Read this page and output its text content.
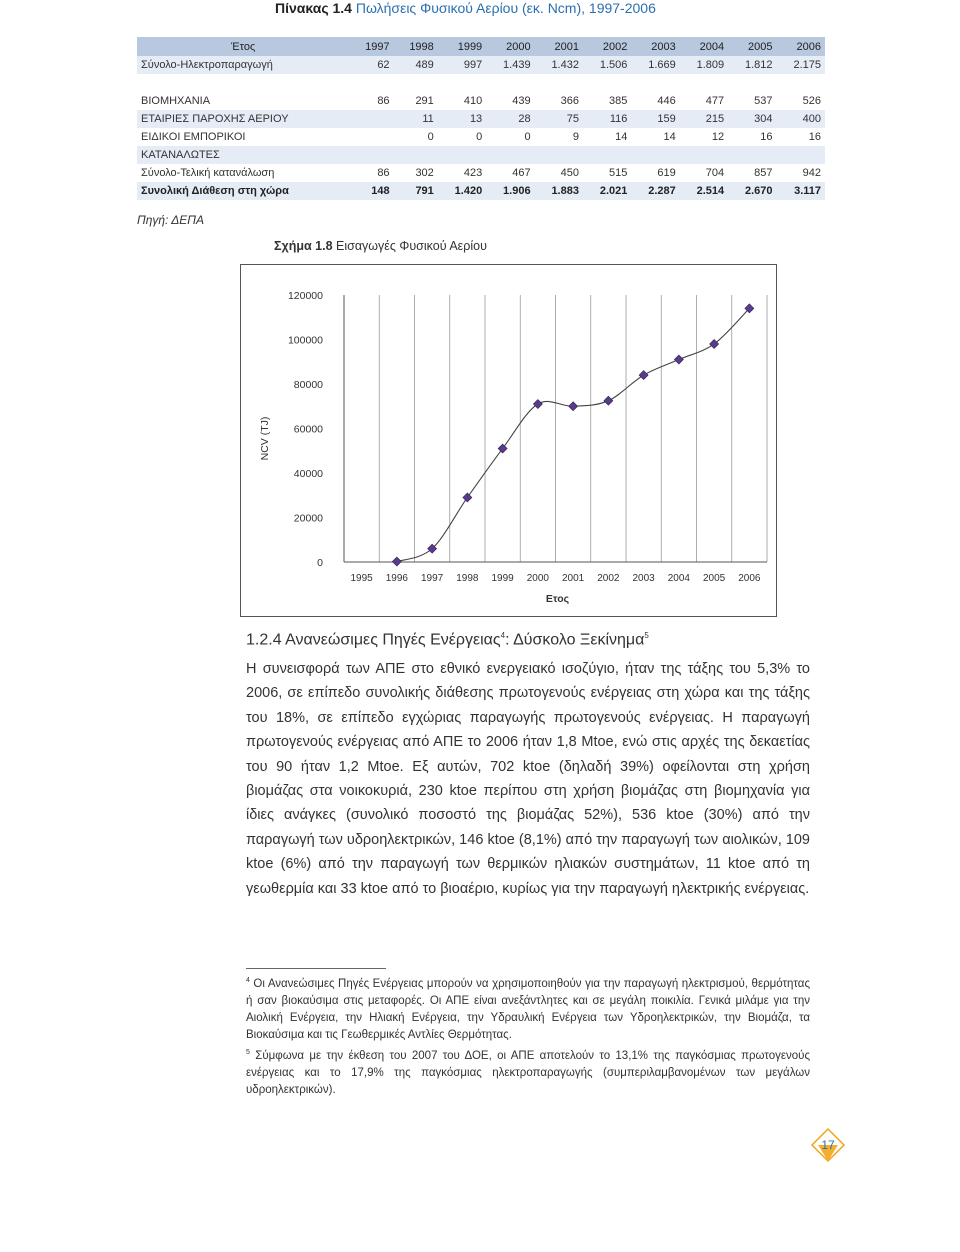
Πίνακας 1.4 Πωλήσεις Φυσικού Αερίου (εκ. Ncm), 1997-2006
Έτος	1997	1998	1999	2000	2001	2002	2003	2004	2005	2006
Σύνολο-Ηλεκτροπαραγωγή	62	489	997	1.439	1.432	1.506	1.669	1.809	1.812	2.175

ΒΙΟΜΗΧΑΝΙΑ	86	291	410	439	366	385	446	477	537	526
ΕΤΑΙΡΙΕΣ ΠΑΡΟΧΗΣ ΑΕΡΙΟΥ		11	13	28	75	116	159	215	304	400
ΕΙΔΙΚΟΙ ΕΜΠΟΡΙΚΟΙ		0	0	0	9	14	14	12	16	16
ΚΑΤΑΝΑΛΩΤΕΣ										
Σύνολο-Τελική κατανάλωση	86	302	423	467	450	515	619	704	857	942
Συνολική Διάθεση στη χώρα	148	791	1.420	1.906	1.883	2.021	2.287	2.514	2.670	3.117
Πηγή: ΔΕΠΑ
Σχήμα 1.8 Εισαγωγές Φυσικού Αερίου
0
20000
40000
60000
80000
100000
120000
1995 1996 1997 1998 1999 2000 2001 2002 2003 2004 2005 2006
Ετος
NCV (TJ)
1.2.4 Ανανεώσιμες Πηγές Ενέργειας$^4$: Δύσκολο Ξεκίνημα$^5$
Η συνεισφορά των ΑΠΕ στο εθνικό ενεργειακό ισοζύγιο, ήταν της τάξης του 5,3% το 2006, σε επίπεδο συνολικής διάθεσης πρωτογενούς ενέργειας στη χώρα και της τάξης του 18%, σε επίπεδο εγχώριας παραγωγής πρωτογενούς ενέργειας. Η παραγωγή πρωτογενούς ενέργειας από ΑΠΕ το 2006 ήταν 1,8 Mtoe, ενώ στις αρχές της δεκαετίας του 90 ήταν 1,2 Mtoe. Εξ αυτών, 702 ktoe (δηλαδή 39%) οφείλονται στη χρήση βιομάζας στα νοικοκυριά, 230 ktoe περίπου στη χρήση βιομάζας στη βιομηχανία για ίδιες ανάγκες (συνολικό ποσοστό της βιομάζας 52%), 536 ktoe (30%) από την παραγωγή των υδροηλεκτρικών, 146 ktoe (8,1%) από την παραγωγή των αιολικών, 109 ktoe (6%) από την παραγωγή των θερμικών ηλιακών συστημάτων, 11 ktoe από τη γεωθερμία και 33 ktoe από το βιοαέριο, κυρίως για την παραγωγή ηλεκτρικής ενέργειας.

$^4$ Οι Ανανεώσιμες Πηγές Ενέργειας μπορούν να χρησιμοποιηθούν για την παραγωγή ηλεκτρισμού, θερμότητας ή σαν βιοκαύσιμα στις μεταφορές. Οι ΑΠΕ είναι ανεξάντλητες και σε μεγάλη ποικιλία. Γενικά μιλάμε για την Αιολική Ενέργεια, την Ηλιακή Ενέργεια, την Υδραυλική Ενέργεια των Υδροηλεκτρικών, την Βιομάζα, τα Βιοκαύσιμα και τις Γεωθερμικές Αντλίες Θερμότητας.

$^5$ Σύμφωνα με την έκθεση του 2007 του ΔΟΕ, οι ΑΠΕ αποτελούν το 13,1% της παγκόσμιας πρωτογενούς ενέργειας και το 17,9% της παγκόσμιας ηλεκτροπαραγωγής (συμπεριλαμβανομένων των μεγάλων υδροηλεκτρικών).

17
